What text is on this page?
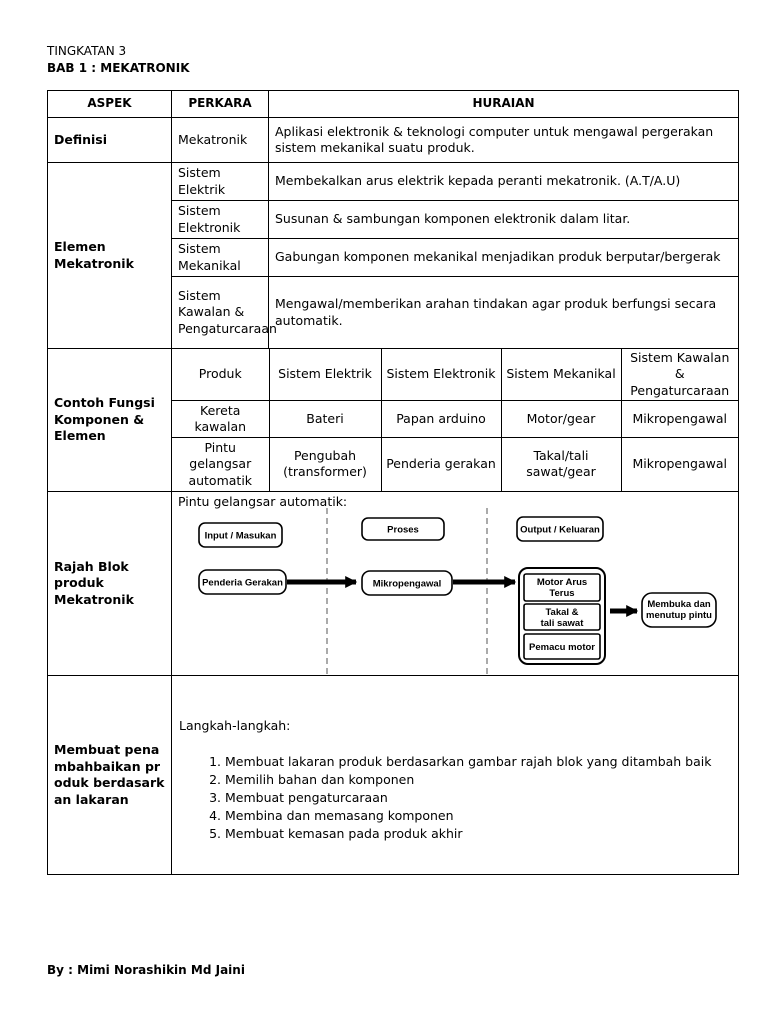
TINGKATAN 3
BAB 1 : MEKATRONIK
ASPEK	PERKARA	HURAIAN
Definisi	Mekatronik	Aplikasi elektronik & teknologi computer untuk mengawal pergerakan sistem mekanikal suatu produk.
Elemen Mekatronik	Sistem Elektrik	Membekalkan arus elektrik kepada peranti mekatronik. (A.T/A.U)
Sistem Elektronik	Susunan & sambungan komponen elektronik dalam litar.
Sistem Mekanikal	Gabungan komponen mekanikal menjadikan produk berputar/bergerak
Sistem Kawalan & Pengaturcaraan	Mengawal/memberikan arahan tindakan agar produk berfungsi secara automatik.
Contoh Fungsi Komponen & Elemen	
Produk	Sistem Elektrik	Sistem Elektronik	Sistem Mekanikal	Sistem Kawalan & Pengaturcaraan
Kereta kawalan	Bateri	Papan arduino	Motor/gear	Mikropengawal
Pintu gelangsar automatik	Pengubah (transformer)	Penderia gerakan	Takal/tali sawat/gear	Mikropengawal

Rajah Blok produk Mekatronik	
Pintu gelangsar automatik:
Input / Masukan
Proses	Output / Keluaran
Penderia Gerakan	Mikropengawal	Motor Arus
Terus
Takal &
tali sawat
Pemacu motor
Membuka dan
menutup pintu

Membuat penambahbaikan produk berdasarkan lakaran	
Langkah-langkah:
1. Membuat lakaran produk berdasarkan gambar rajah blok yang ditambah baik
2. Memilih bahan dan komponen
3. Membuat pengaturcaraan
4. Membina dan memasang komponen
5. Membuat kemasan pada produk akhir
By : Mimi Norashikin Md Jaini
